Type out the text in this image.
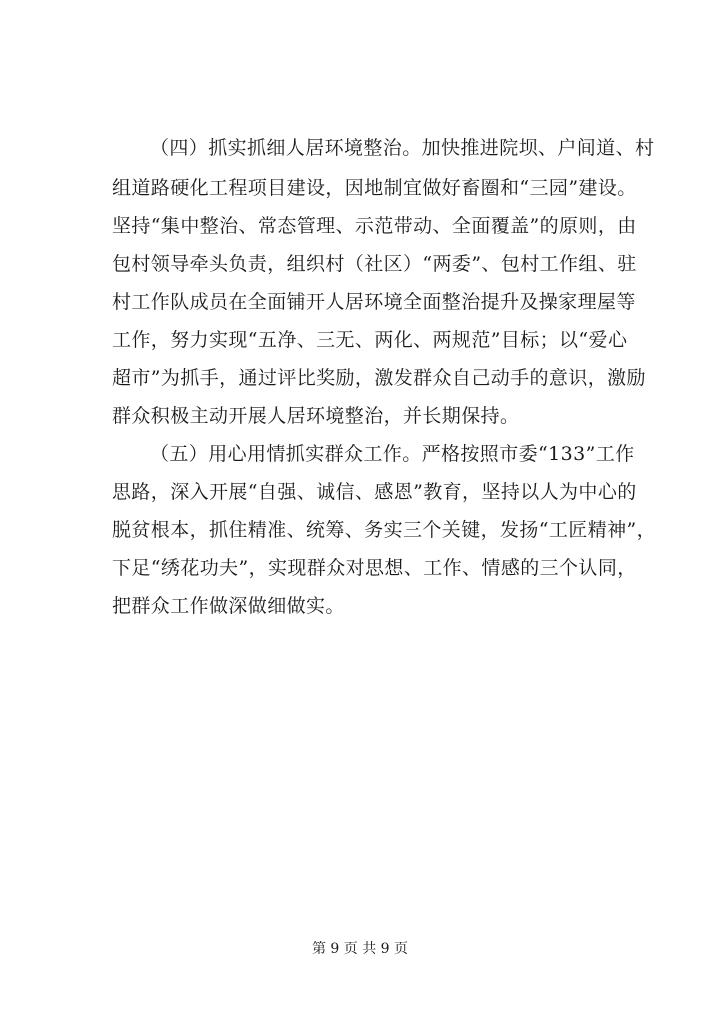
（四）抓实抓细人居环境整治。加快推进院坝、户间道、村

组道路硬化工程项目建设，因地制宜做好畜圈和“三园”建设。

坚持“集中整治、常态管理、示范带动、全面覆盖”的原则，由

包村领导牵头负责，组织村（社区）“两委”、包村工作组、驻

村工作队成员在全面铺开人居环境全面整治提升及操家理屋等

工作，努力实现“五净、三无、两化、两规范”目标；以“爱心

超市”为抓手，通过评比奖励，激发群众自己动手的意识，激励

群众积极主动开展人居环境整治，并长期保持。

（五）用心用情抓实群众工作。严格按照市委“133”工作

思路，深入开展“自强、诚信、感恩”教育，坚持以人为中心的

脱贫根本，抓住精准、统筹、务实三个关键，发扬“工匠精神”，

下足“绣花功夫”，实现群众对思想、工作、情感的三个认同，

把群众工作做深做细做实。

第 9 页 共 9 页
